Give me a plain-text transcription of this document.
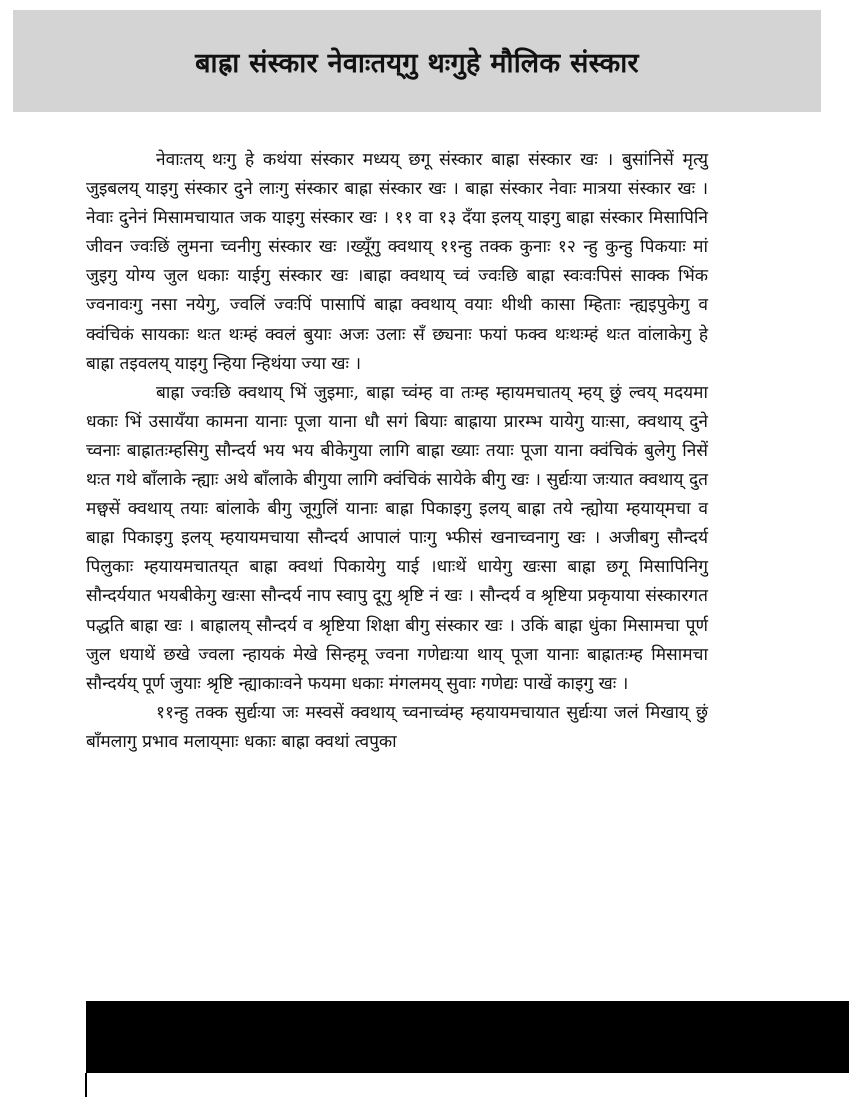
बाह्रा संस्कार नेवाःतय्‌गु थःगुहे मौलिक संस्कार

नेवाःतय्‌ थःगु हे कथंया संस्कार मध्यय्‌ छगू संस्कार बाह्रा संस्कार खः । बुसांनिसें मृत्यु जुइबलय्‌ याइगु संस्कार दुने लाःगु संस्कार बाह्रा संस्कार खः । बाह्रा संस्कार नेवाः मात्रया संस्कार खः । नेवाः दुनेनं मिसामचायात जक याइगु संस्कार खः । ११ वा १३ दँया इलय्‌ याइगु बाह्रा संस्कार मिसापिनि जीवन ज्वःछिं लुमना च्वनीगु संस्कार खः ।ख्यूँगु क्वथाय्‌ ११न्हु तक्क कुनाः १२ न्हु कुन्हु पिकयाः मां जुइगु योग्य जुल धकाः याईगु संस्कार खः ।बाह्रा क्वथाय्‌ च्वं ज्वःछि बाह्रा स्वःवःपिसं साक्क भिंक ज्वनावःगु नसा नयेगु, ज्वलिं ज्वःपिं पासापिं बाह्रा क्वथाय्‌ वयाः थीथी कासा म्हिताः न्ह्यइपुकेगु व क्वंचिकं सायकाः थःत थःम्हं क्वलं बुयाः अजः उलाः सँ छ्यनाः फयां फक्व थःथःम्हं थःत वांलाकेगु हे बाह्रा तइवलय्‌ याइगु न्हिया न्हिथंया ज्या खः ।

बाह्रा ज्वःछि क्वथाय्‌ भिं जुइमाः, बाह्रा च्वंम्ह वा तःम्ह म्हायमचातय्‌ म्हय्‌ छुं ल्वय्‌ मदयमा धकाः भिं उसायँया कामना यानाः पूजा याना धौ सगं बियाः बाह्राया प्रारम्भ यायेगु याःसा, क्वथाय्‌ दुने च्वनाः बाह्रातःम्हसिगु सौन्दर्य भय भय बीकेगुया लागि बाह्रा ख्याः तयाः पूजा याना क्वंचिकं बुलेगु निसें थःत गथे बाँलाके न्ह्याः अथे बाँलाके बीगुया लागि क्वंचिकं सायेके बीगु खः । सुर्द्यःया जःयात क्वथाय्‌ दुत मछ्वसें क्वथाय्‌ तयाः बांलाके बीगु जूगुलिं यानाः बाह्रा पिकाइगु इलय्‌ बाह्रा तये न्ह्योया म्हयाय्‌मचा व बाह्रा पिकाइगु इलय्‌ म्हयायमचाया सौन्दर्य आपालं पाःगु भ्फीसं खनाच्वनागु खः । अजीबगु सौन्दर्य पिलुकाः म्हयायमचातय्‌त बाह्रा क्वथां पिकायेगु याई ।धाःथें धायेगु खःसा बाह्रा छगू मिसापिनिगु सौन्दर्ययात भयबीकेगु खःसा सौन्दर्य नाप स्वापु दूगु श्रृष्टि नं खः । सौन्दर्य व श्रृष्टिया प्रकृयाया संस्कारगत पद्धति बाह्रा खः । बाह्रालय्‌ सौन्दर्य व श्रृष्टिया शिक्षा बीगु संस्कार खः । उकिं बाह्रा धुंका मिसामचा पूर्ण जुल धयाथें छखे ज्वला न्हायकं मेखे सिन्हमू ज्वना गणेद्यःया थाय्‌ पूजा यानाः बाह्रातःम्ह मिसामचा सौन्दर्यय्‌ पूर्ण जुयाः श्रृष्टि न्ह्याकाःवने फयमा धकाः मंगलमय्‌ सुवाः गणेद्यः पाखें काइगु खः ।

११न्हु तक्क सुर्द्यःया जः मस्वसें क्वथाय्‌ च्वनाच्वंम्ह म्हयायमचायात सुर्द्यःया जलं मिखाय्‌ छुं बाँमलागु प्रभाव मलाय्‌माः धकाः बाह्रा क्वथां त्वपुका
